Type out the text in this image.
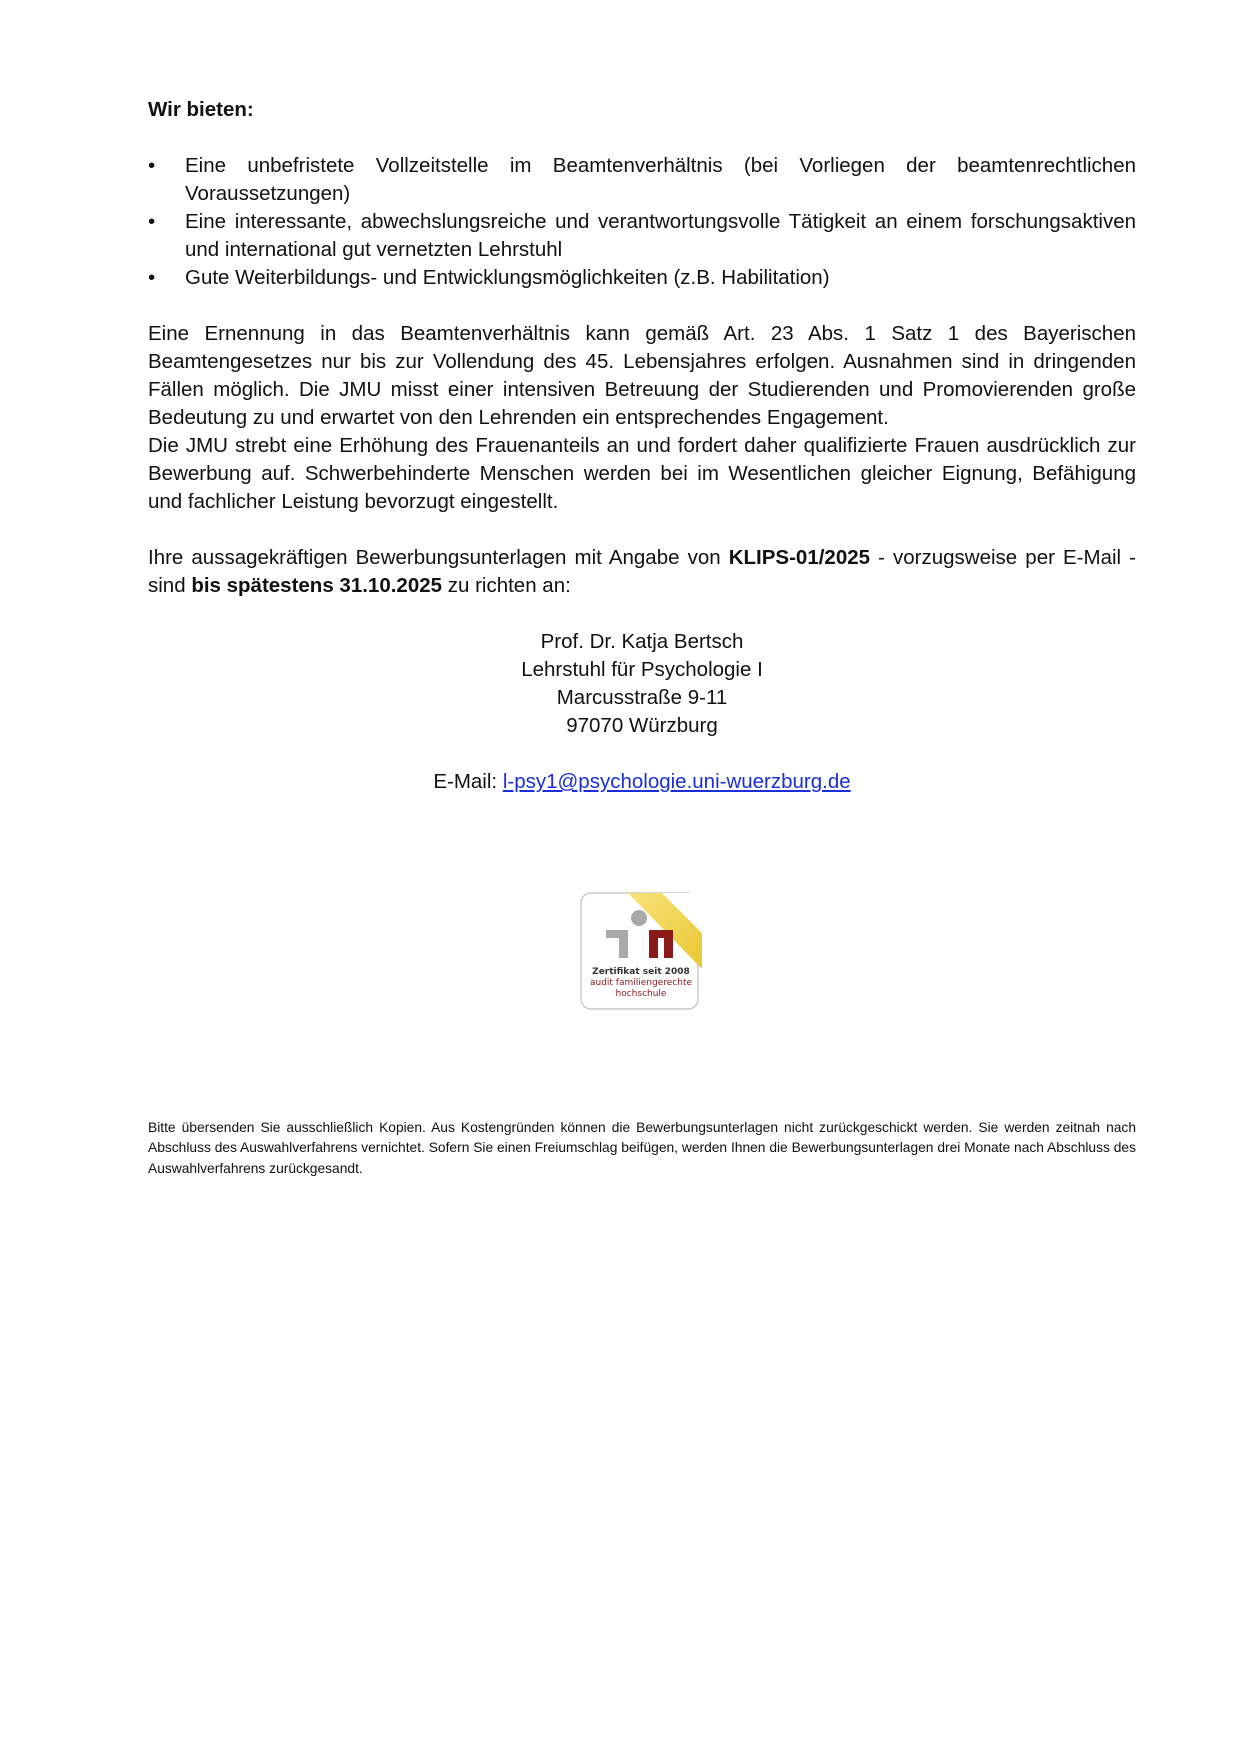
Wir bieten:
•	Eine unbefristete Vollzeitstelle im Beamtenverhältnis (bei Vorliegen der beamtenrechtlichen Voraussetzungen)
•	Eine interessante, abwechslungsreiche und verantwortungsvolle Tätigkeit an einem forschungsaktiven und international gut vernetzten Lehrstuhl
•	Gute Weiterbildungs- und Entwicklungsmöglichkeiten (z.B. Habilitation)

Eine Ernennung in das Beamtenverhältnis kann gemäß Art. 23 Abs. 1 Satz 1 des Bayerischen Beamtengesetzes nur bis zur Vollendung des 45. Lebensjahres erfolgen. Ausnahmen sind in dringenden Fällen möglich. Die JMU misst einer intensiven Betreuung der Studierenden und Promovierenden große Bedeutung zu und erwartet von den Lehrenden ein entsprechendes Engagement.

Die JMU strebt eine Erhöhung des Frauenanteils an und fordert daher qualifizierte Frauen ausdrücklich zur Bewerbung auf. Schwerbehinderte Menschen werden bei im Wesentlichen gleicher Eignung, Befähigung und fachlicher Leistung bevorzugt eingestellt.

Ihre aussagekräftigen Bewerbungsunterlagen mit Angabe von KLIPS-01/2025 - vorzugsweise per E-Mail - sind bis spätestens 31.10.2025 zu richten an:

Prof. Dr. Katja Bertsch
Lehrstuhl für Psychologie I
Marcusstraße 9-11
97070 Würzburg
E-Mail: l-psy1@psychologie.uni-wuerzburg.de
Zertifikat seit 2008
audit familiengerechte
hochschule

Bitte übersenden Sie ausschließlich Kopien. Aus Kostengründen können die Bewerbungsunterlagen nicht zurückgeschickt werden. Sie werden zeitnah nach Abschluss des Auswahlverfahrens vernichtet. Sofern Sie einen Freiumschlag beifügen, werden Ihnen die Bewerbungsunterlagen drei Monate nach Abschluss des Auswahlverfahrens zurückgesandt.
